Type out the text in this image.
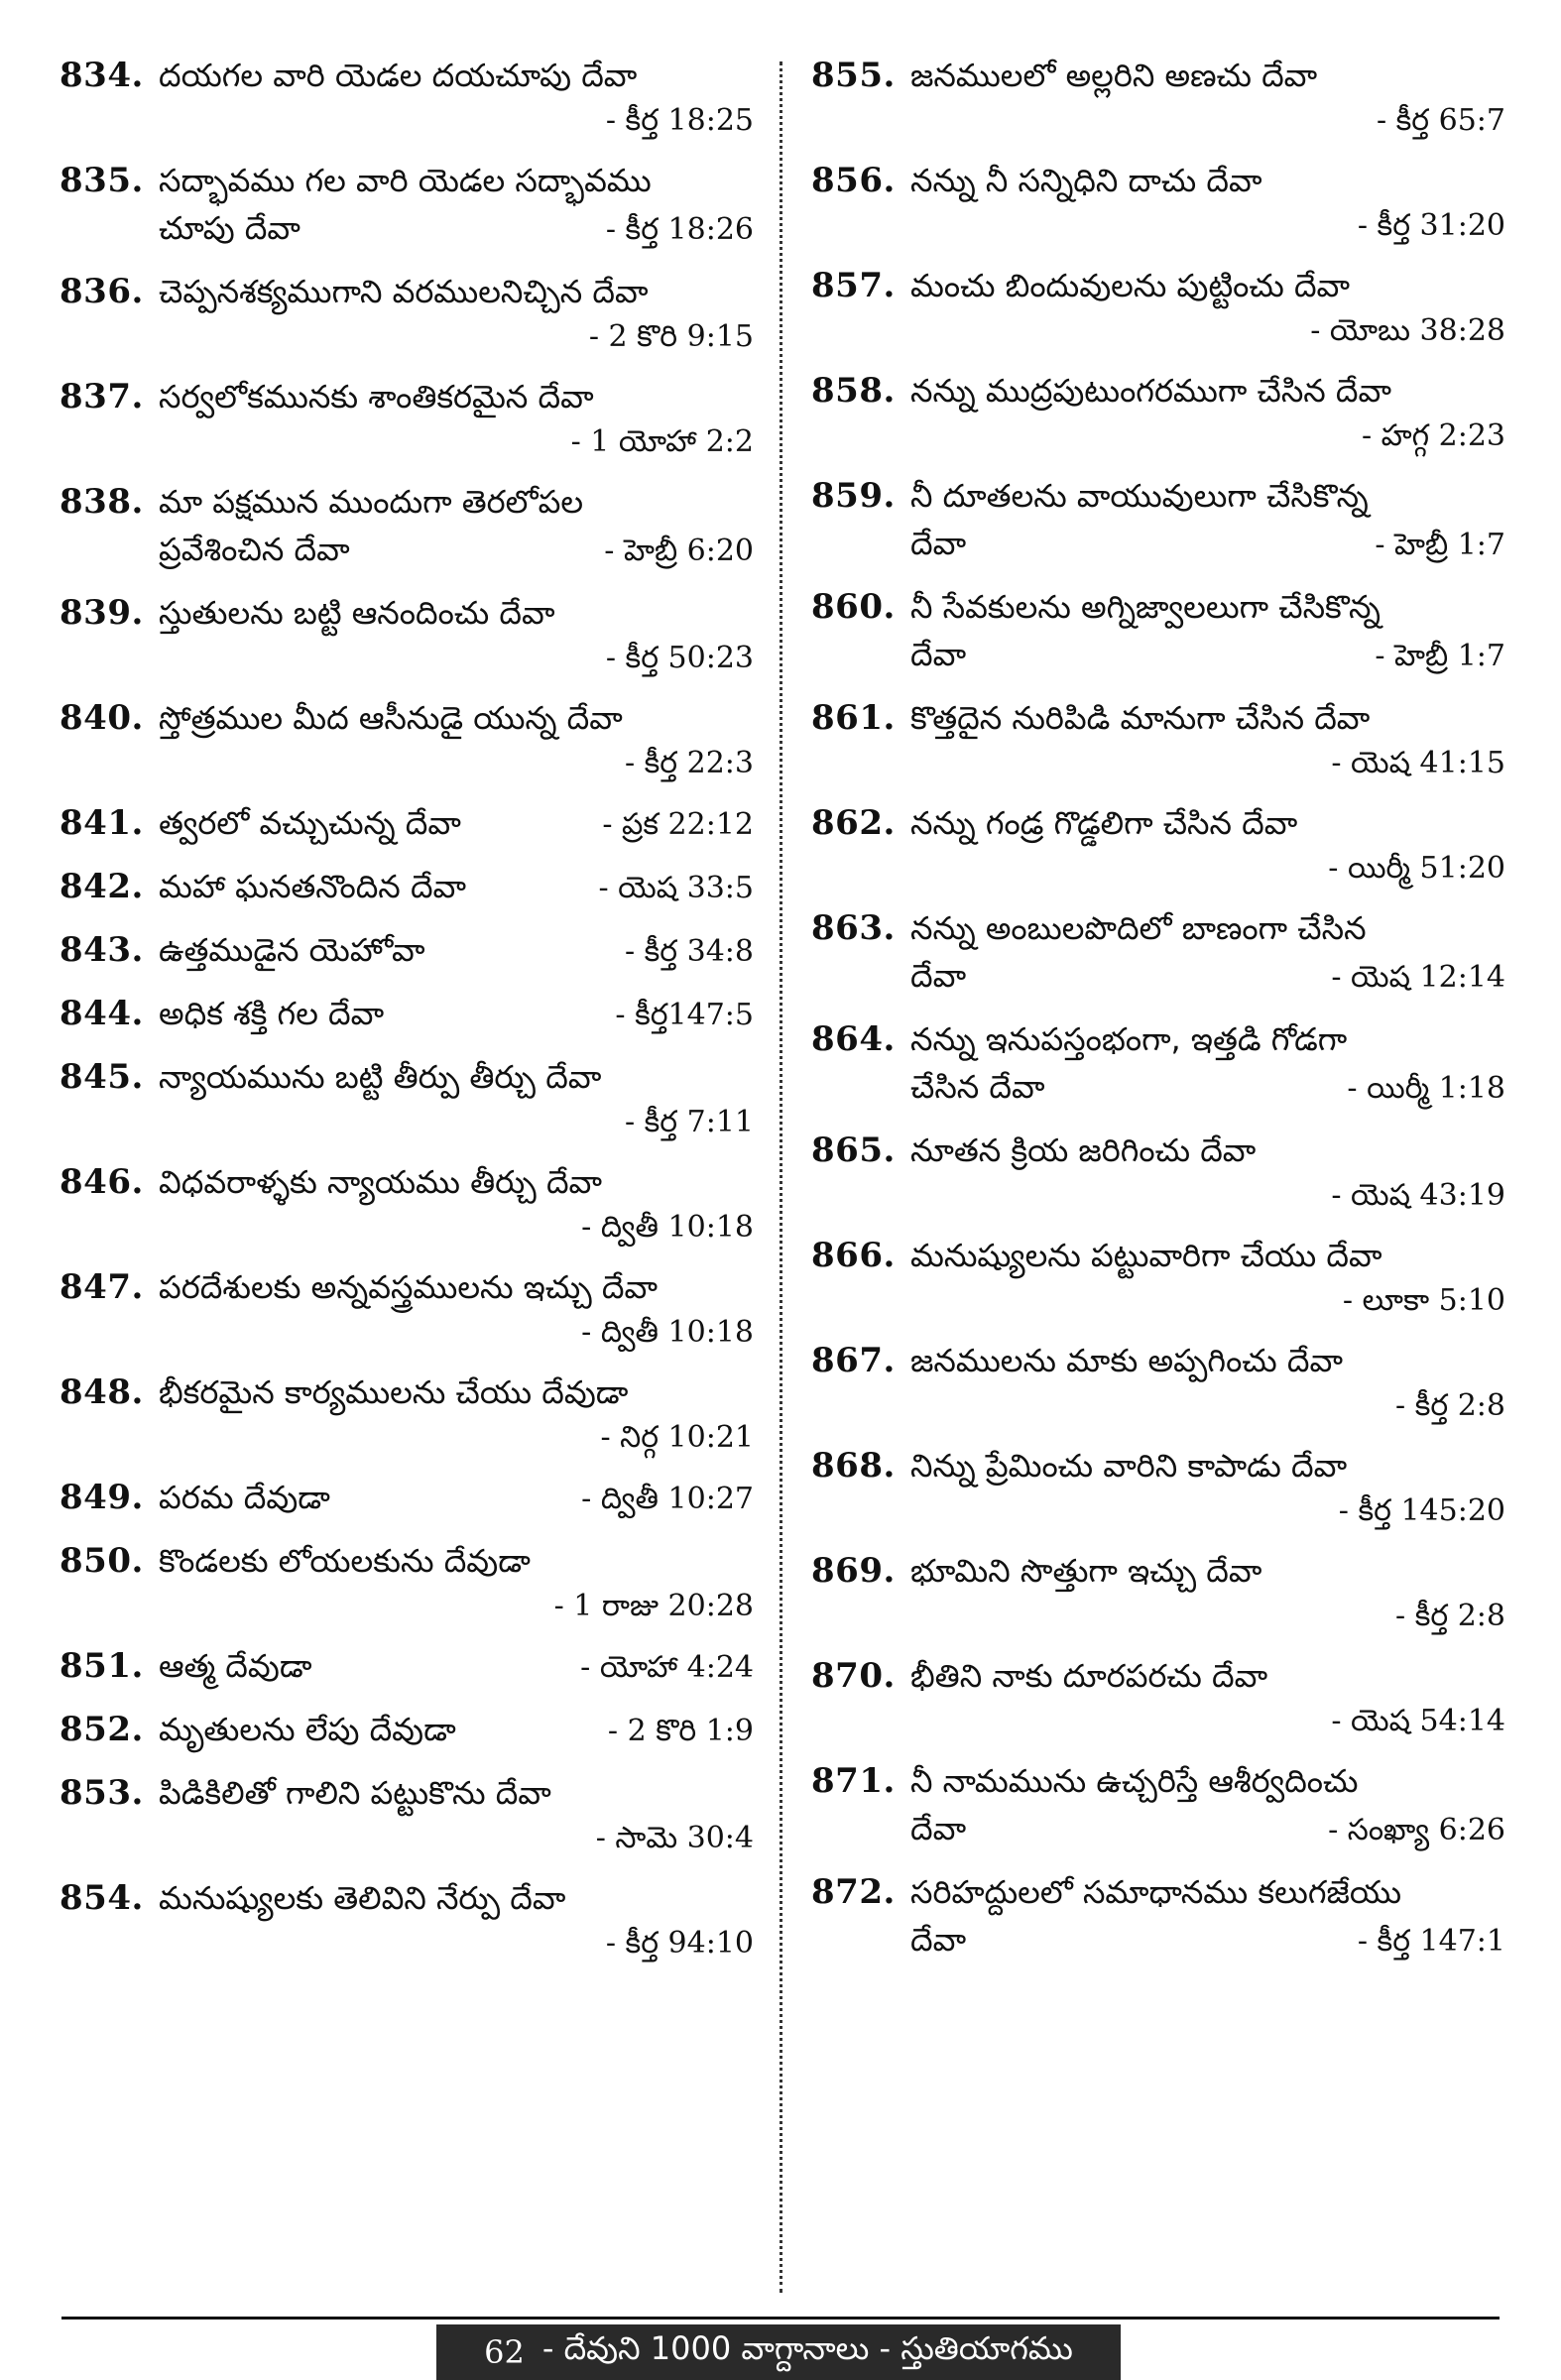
834. దయగల వారి యెడల దయచూపు దేవా
- కీర్త 18:25
835. సద్భావము గల వారి యెడల సద్భావము
చూపు దేవా	- కీర్త 18:26
836. చెప్పనశక్యముగాని వరములనిచ్చిన దేవా
- 2 కొరి 9:15
837. సర్వలోకమునకు శాంతికరమైన దేవా
- 1 యోహా 2:2
838. మా పక్షమున ముందుగా తెరలోపల
ప్రవేశించిన దేవా	- హెబ్రీ 6:20
839. స్తుతులను బట్టి ఆనందించు దేవా
- కీర్త 50:23
840. స్తోత్రముల మీద ఆసీనుడై యున్న దేవా
- కీర్త 22:3
841. త్వరలో వచ్చుచున్న దేవా	- ప్రక 22:12
842. మహా ఘనతనొందిన దేవా	- యెష 33:5
843. ఉత్తముడైన యెహోవా	- కీర్త 34:8
844. అధిక శక్తి గల దేవా	- కీర్త147:5
845. న్యాయమును బట్టి తీర్పు తీర్చు దేవా
- కీర్త 7:11
846. విధవరాళ్ళకు న్యాయము తీర్చు దేవా
- ద్వితీ 10:18
847. పరదేశులకు అన్నవస్త్రములను ఇచ్చు దేవా
- ద్వితీ 10:18
848. భీకరమైన కార్యములను చేయు దేవుడా
- నిర్గ 10:21
849. పరమ దేవుడా	- ద్వితీ 10:27
850. కొండలకు లోయలకును దేవుడా
- 1 రాజు 20:28
851. ఆత్మ దేవుడా	- యోహా 4:24
852. మృతులను లేపు దేవుడా	- 2 కొరి 1:9
853. పిడికిలితో గాలిని పట్టుకొను దేవా
- సామె 30:4
854. మనుష్యులకు తెలివిని నేర్పు దేవా
- కీర్త 94:10
855. జనములలో అల్లరిని అణచు దేవా
- కీర్త 65:7
856. నన్ను నీ సన్నిధిని దాచు దేవా
- కీర్త 31:20
857. మంచు బిందువులను పుట్టించు దేవా
- యోబు 38:28
858. నన్ను ముద్రపుటుంగరముగా చేసిన దేవా
- హగ్గ 2:23
859. నీ దూతలను వాయువులుగా చేసికొన్న
దేవా	- హెబ్రీ 1:7
860. నీ సేవకులను అగ్నిజ్వాలలుగా చేసికొన్న
దేవా	- హెబ్రీ 1:7
861. కొత్తదైన నురిపిడి మానుగా చేసిన దేవా
- యెష 41:15
862. నన్ను గండ్ర గొడ్డలిగా చేసిన దేవా
- యిర్మీ 51:20
863. నన్ను అంబులపొదిలో బాణంగా చేసిన
దేవా	- యెష 12:14
864. నన్ను ఇనుపస్తంభంగా, ఇత్తడి గోడగా
చేసిన దేవా	- యిర్మీ 1:18
865. నూతన క్రియ జరిగించు దేవా
- యెష 43:19
866. మనుష్యులను పట్టువారిగా చేయు దేవా
- లూకా 5:10
867. జనములను మాకు అప్పగించు దేవా
- కీర్త 2:8
868. నిన్ను ప్రేమించు వారిని కాపాడు దేవా
- కీర్త 145:20
869. భూమిని సొత్తుగా ఇచ్చు దేవా
- కీర్త 2:8
870. భీతిని నాకు దూరపరచు దేవా
- యెష 54:14
871. నీ నామమును ఉచ్చరిస్తే ఆశీర్వదించు
దేవా	- సంఖ్యా 6:26
872. సరిహద్దులలో సమాధానము కలుగజేయు
దేవా	- కీర్త 147:1
62 - దేవుని 1000 వాగ్దానాలు - స్తుతియాగము
